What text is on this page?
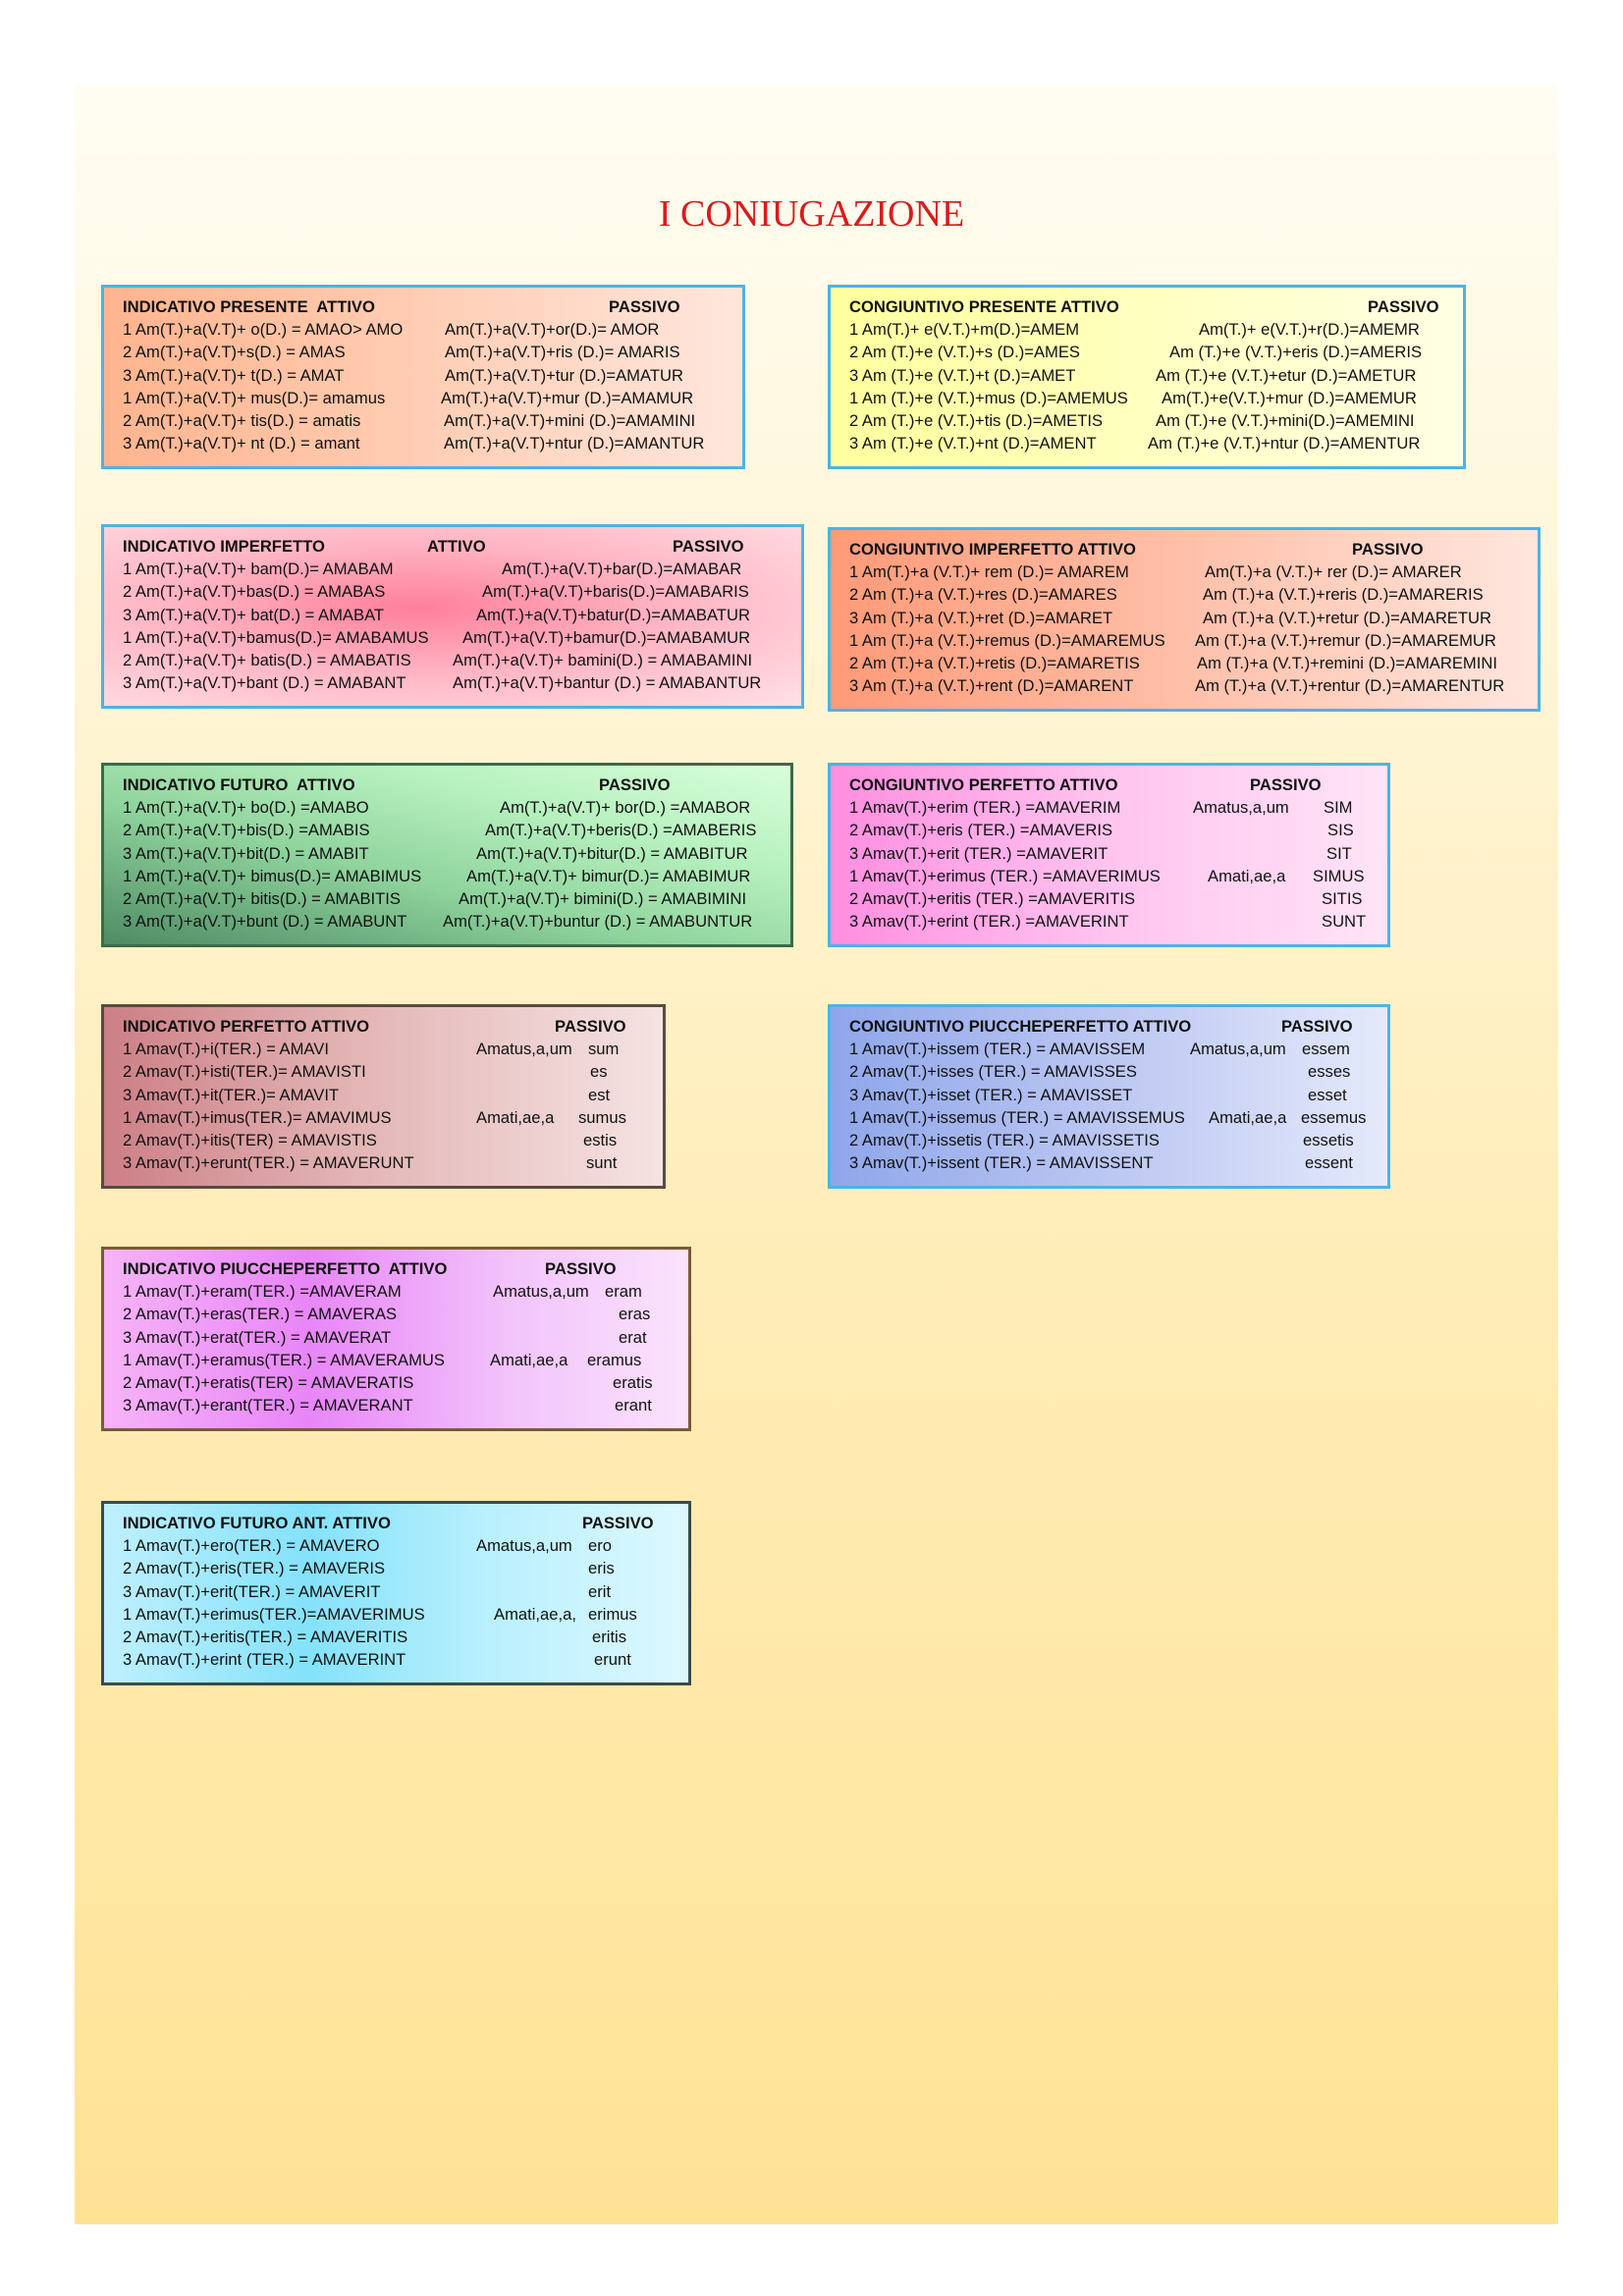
I CONIUGAZIONE

INDICATIVO PRESENTE  ATTIVO

	PASSIVO

1 Am(T.)+a(V.T)+ o(D.) = AMAO> AMO	Am(T.)+a(V.T)+or(D.)= AMOR
2 Am(T.)+a(V.T)+s(D.) = AMAS	Am(T.)+a(V.T)+ris (D.)= AMARIS
3 Am(T.)+a(V.T)+ t(D.) = AMAT	Am(T.)+a(V.T)+tur (D.)=AMATUR
1 Am(T.)+a(V.T)+ mus(D.)= amamus	Am(T.)+a(V.T)+mur (D.)=AMAMUR
2 Am(T.)+a(V.T)+ tis(D.) = amatis	Am(T.)+a(V.T)+mini (D.)=AMAMINI
3 Am(T.)+a(V.T)+ nt (D.) = amant	Am(T.)+a(V.T)+ntur (D.)=AMANTUR

CONGIUNTIVO PRESENTE ATTIVO

	PASSIVO

1 Am(T.)+ e(V.T.)+m(D.)=AMEM	Am(T.)+ e(V.T.)+r(D.)=AMEMR
2 Am (T.)+e (V.T.)+s (D.)=AMES	Am (T.)+e (V.T.)+eris (D.)=AMERIS
3 Am (T.)+e (V.T.)+t (D.)=AMET	Am (T.)+e (V.T.)+etur (D.)=AMETUR
1 Am (T.)+e (V.T.)+mus (D.)=AMEMUS Am(T.)+e(V.T.)+mur (D.)=AMEMUR
2 Am (T.)+e (V.T.)+tis (D.)=AMETIS	Am (T.)+e (V.T.)+mini(D.)=AMEMINI
3 Am (T.)+e (V.T.)+nt (D.)=AMENT	Am (T.)+e (V.T.)+ntur (D.)=AMENTUR

INDICATIVO IMPERFETTO

	ATTIVO

	PASSIVO

1 Am(T.)+a(V.T)+ bam(D.)= AMABAM	Am(T.)+a(V.T)+bar(D.)=AMABAR
2 Am(T.)+a(V.T)+bas(D.) = AMABAS	Am(T.)+a(V.T)+baris(D.)=AMABARIS
3 Am(T.)+a(V.T)+ bat(D.) = AMABAT	Am(T.)+a(V.T)+batur(D.)=AMABATUR
1 Am(T.)+a(V.T)+bamus(D.)= AMABAMUS Am(T.)+a(V.T)+bamur(D.)=AMABAMUR
2 Am(T.)+a(V.T)+ batis(D.) = AMABATIS	Am(T.)+a(V.T)+ bamini(D.) = AMABAMINI
3 Am(T.)+a(V.T)+bant (D.) = AMABANT	Am(T.)+a(V.T)+bantur (D.) = AMABANTUR

CONGIUNTIVO IMPERFETTO ATTIVO

	PASSIVO

1 Am(T.)+a (V.T.)+ rem (D.)= AMAREM	Am(T.)+a (V.T.)+ rer (D.)= AMARER
2 Am (T.)+a (V.T.)+res (D.)=AMARES	Am (T.)+a (V.T.)+reris (D.)=AMARERIS
3 Am (T.)+a (V.T.)+ret (D.)=AMARET	Am (T.)+a (V.T.)+retur (D.)=AMARETUR
1 Am (T.)+a (V.T.)+remus (D.)=AMAREMUS Am (T.)+a (V.T.)+remur (D.)=AMAREMUR
2 Am (T.)+a (V.T.)+retis (D.)=AMARETIS	Am (T.)+a (V.T.)+remini (D.)=AMAREMINI
3 Am (T.)+a (V.T.)+rent (D.)=AMARENT	Am (T.)+a (V.T.)+rentur (D.)=AMARENTUR

INDICATIVO FUTURO  ATTIVO

	PASSIVO

1 Am(T.)+a(V.T)+ bo(D.) =AMABO	Am(T.)+a(V.T)+ bor(D.) =AMABOR
2 Am(T.)+a(V.T)+bis(D.) =AMABIS	Am(T.)+a(V.T)+beris(D.) =AMABERIS
3 Am(T.)+a(V.T)+bit(D.) = AMABIT	Am(T.)+a(V.T)+bitur(D.) = AMABITUR
1 Am(T.)+a(V.T)+ bimus(D.)= AMABIMUS	Am(T.)+a(V.T)+ bimur(D.)= AMABIMUR
2 Am(T.)+a(V.T)+ bitis(D.) = AMABITIS	Am(T.)+a(V.T)+ bimini(D.) = AMABIMINI
3 Am(T.)+a(V.T)+bunt (D.) = AMABUNT Am(T.)+a(V.T)+buntur (D.) = AMABUNTUR

CONGIUNTIVO PERFETTO ATTIVO

	PASSIVO

1 Amav(T.)+erim (TER.) =AMAVERIM	Amatus,a,um SIM
2 Amav(T.)+eris (TER.) =AMAVERIS	SIS
3 Amav(T.)+erit (TER.) =AMAVERIT	SIT
1 Amav(T.)+erimus (TER.) =AMAVERIMUS	Amati,ae,a SIMUS
2 Amav(T.)+eritis (TER.) =AMAVERITIS	SITIS
3 Amav(T.)+erint (TER.) =AMAVERINT	SUNT

INDICATIVO PERFETTO ATTIVO

	PASSIVO

1 Amav(T.)+i(TER.) = AMAVI	Amatus,a,um sum
2 Amav(T.)+isti(TER.)= AMAVISTI	es
3 Amav(T.)+it(TER.)= AMAVIT	est
1 Amav(T.)+imus(TER.)= AMAVIMUS	Amati,ae,a sumus
2 Amav(T.)+itis(TER) = AMAVISTIS	estis
3 Amav(T.)+erunt(TER.) = AMAVERUNT	sunt

CONGIUNTIVO PIUCCHEPERFETTO ATTIVO

	PASSIVO

1 Amav(T.)+issem (TER.) = AMAVISSEM	Amatus,a,um essem
2 Amav(T.)+isses (TER.) = AMAVISSES	esses
3 Amav(T.)+isset (TER.) = AMAVISSET	esset
1 Amav(T.)+issemus (TER.) = AMAVISSEMUS Amati,ae,a essemus
2 Amav(T.)+issetis (TER.) = AMAVISSETIS	essetis
3 Amav(T.)+issent (TER.) = AMAVISSENT	essent

INDICATIVO PIUCCHEPERFETTO  ATTIVO

	PASSIVO

1 Amav(T.)+eram(TER.) =AMAVERAM	Amatus,a,um eram
2 Amav(T.)+eras(TER.) = AMAVERAS	eras
3 Amav(T.)+erat(TER.) = AMAVERAT	erat
1 Amav(T.)+eramus(TER.) = AMAVERAMUS	Amati,ae,a eramus
2 Amav(T.)+eratis(TER) = AMAVERATIS	eratis
3 Amav(T.)+erant(TER.) = AMAVERANT	erant

INDICATIVO FUTURO ANT. ATTIVO

	PASSIVO

1 Amav(T.)+ero(TER.) = AMAVERO	Amatus,a,um ero
2 Amav(T.)+eris(TER.) = AMAVERIS	eris
3 Amav(T.)+erit(TER.) = AMAVERIT	erit
1 Amav(T.)+erimus(TER.)=AMAVERIMUS	Amati,ae,a, erimus
2 Amav(T.)+eritis(TER.) = AMAVERITIS	eritis
3 Amav(T.)+erint (TER.) = AMAVERINT	erunt
